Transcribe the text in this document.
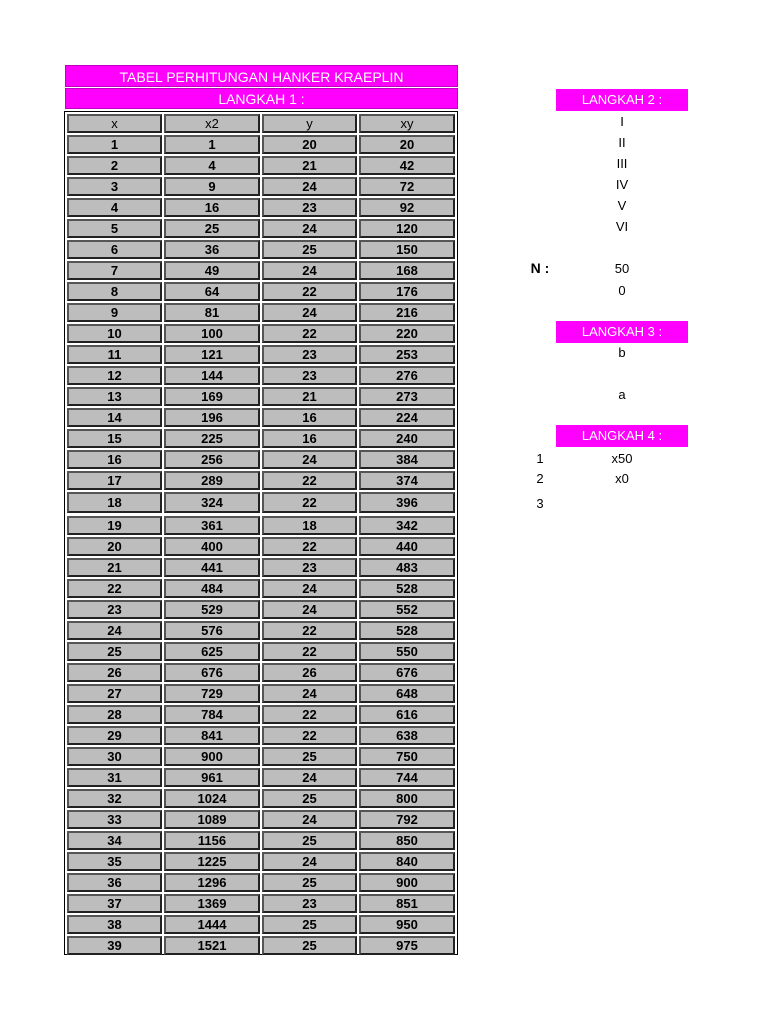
TABEL PERHITUNGAN HANKER KRAEPLIN
LANGKAH 1 :
x	x2	y	xy
1	1	20	20
2	4	21	42
3	9	24	72
4	16	23	92
5	25	24	120
6	36	25	150
7	49	24	168
8	64	22	176
9	81	24	216
10	100	22	220
11	121	23	253
12	144	23	276
13	169	21	273
14	196	16	224
15	225	16	240
16	256	24	384
17	289	22	374
18	324	22	396
19	361	18	342
20	400	22	440
21	441	23	483
22	484	24	528
23	529	24	552
24	576	22	528
25	625	22	550
26	676	26	676
27	729	24	648
28	784	22	616
29	841	22	638
30	900	25	750
31	961	24	744
32	1024	25	800
33	1089	24	792
34	1156	25	850
35	1225	24	840
36	1296	25	900
37	1369	23	851
38	1444	25	950
39	1521	25	975
LANGKAH 2 :
I
II
III
IV
V
VI
N :	50
0
LANGKAH 3 :
b
a
LANGKAH 4 :
1	x50
2	x0
3
